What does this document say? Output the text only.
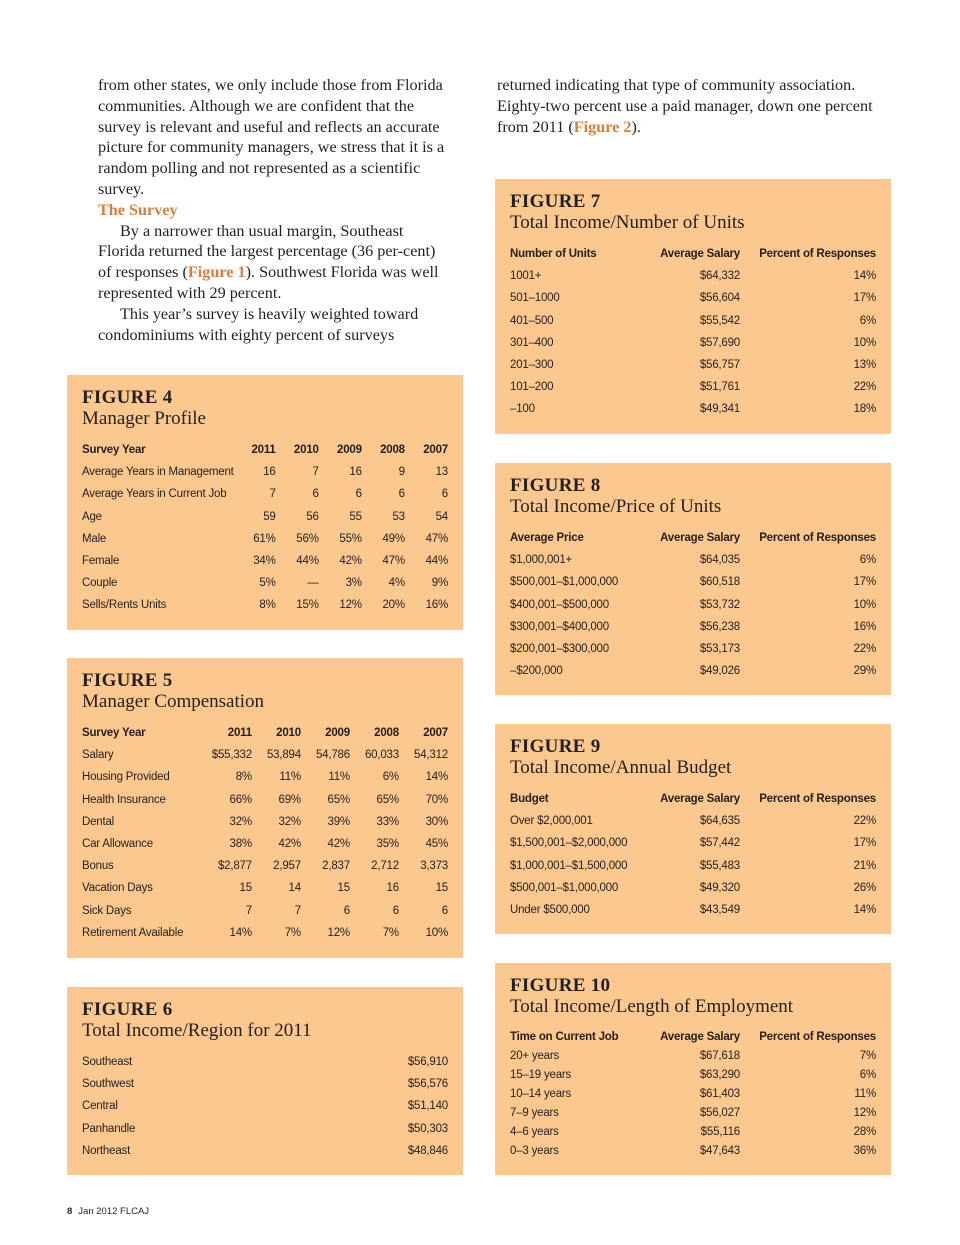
from other states, we only include those from Florida communities. Although we are confident that the survey is relevant and useful and reflects an accurate picture for community managers, we stress that it is a random polling and not represented as a scientific survey.

The Survey

By a narrower than usual margin, Southeast Florida returned the largest percentage (36 per-cent) of responses (Figure 1). Southwest Florida was well represented with 29 percent.

This year’s survey is heavily weighted toward condominiums with eighty percent of surveys

returned indicating that type of community association. Eighty-two percent use a paid manager, down one percent from 2011 (Figure 2).

FIGURE 4
Manager Profile
Survey Year	2011	2010	2009	2008	2007
Average Years in Management	16	7	16	9	13
Average Years in Current Job	7	6	6	6	6
Age	59	56	55	53	54
Male	61%	56%	55%	49%	47%
Female	34%	44%	42%	47%	44%
Couple	5%	—	3%	4%	9%
Sells/Rents Units	8%	15%	12%	20%	16%
FIGURE 5
Manager Compensation
Survey Year	2011	2010	2009	2008	2007
Salary	$55,332	53,894	54,786	60,033	54,312
Housing Provided	8%	11%	11%	6%	14%
Health Insurance	66%	69%	65%	65%	70%
Dental	32%	32%	39%	33%	30%
Car Allowance	38%	42%	42%	35%	45%
Bonus	$2,877	2,957	2,837	2,712	3,373
Vacation Days	15	14	15	16	15
Sick Days	7	7	6	6	6
Retirement Available	14%	7%	12%	7%	10%
FIGURE 6
Total Income/Region for 2011
Southeast	$56,910
Southwest	$56,576
Central	$51,140
Panhandle	$50,303
Northeast	$48,846
FIGURE 7
Total Income/Number of Units
Number of Units	Average Salary	Percent of Responses
1001+	$64,332	14%
501–1000	$56,604	17%
401–500	$55,542	6%
301–400	$57,690	10%
201–300	$56,757	13%
101–200	$51,761	22%
–100	$49,341	18%
FIGURE 8
Total Income/Price of Units
Average Price	Average Salary	Percent of Responses
$1,000,001+	$64,035	6%
$500,001–$1,000,000	$60,518	17%
$400,001–$500,000	$53,732	10%
$300,001–$400,000	$56,238	16%
$200,001–$300,000	$53,173	22%
–$200,000	$49,026	29%
FIGURE 9
Total Income/Annual Budget
Budget	Average Salary	Percent of Responses
Over $2,000,001	$64,635	22%
$1,500,001–$2,000,000	$57,442	17%
$1,000,001–$1,500,000	$55,483	21%
$500,001–$1,000,000	$49,320	26%
Under $500,000	$43,549	14%
FIGURE 10
Total Income/Length of Employment
Time on Current Job	Average Salary	Percent of Responses
20+ years	$67,618	7%
15–19 years	$63,290	6%
10–14 years	$61,403	11%
7–9 years	$56,027	12%
4–6 years	$55,116	28%
0–3 years	$47,643	36%
8 Jan 2012 FLCAJ
